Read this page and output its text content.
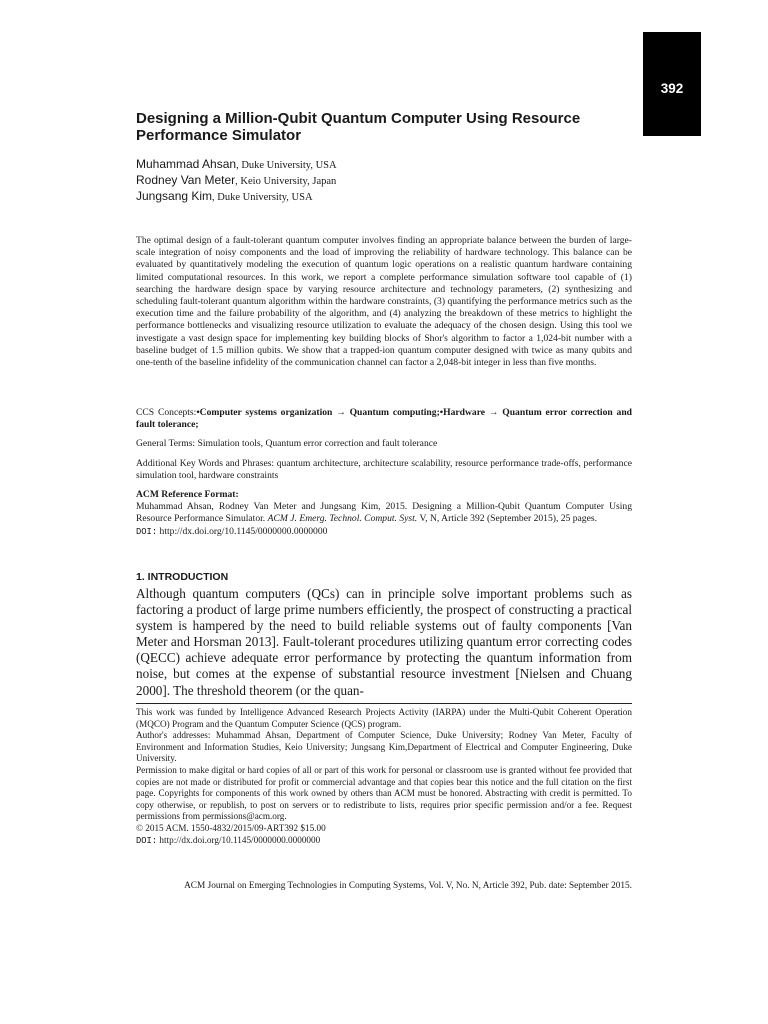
392
Designing a Million-Qubit Quantum Computer Using Resource Performance Simulator
Muhammad Ahsan, Duke University, USA
Rodney Van Meter, Keio University, Japan
Jungsang Kim, Duke University, USA

The optimal design of a fault-tolerant quantum computer involves finding an appropriate balance between the burden of large-scale integration of noisy components and the load of improving the reliability of hardware technology. This balance can be evaluated by quantitatively modeling the execution of quantum logic operations on a realistic quantum hardware containing limited computational resources. In this work, we report a complete performance simulation software tool capable of (1) searching the hardware design space by varying resource architecture and technology parameters, (2) synthesizing and scheduling fault-tolerant quantum algorithm within the hardware constraints, (3) quantifying the performance metrics such as the execution time and the failure probability of the algorithm, and (4) analyzing the breakdown of these metrics to highlight the performance bottlenecks and visualizing resource utilization to evaluate the adequacy of the chosen design. Using this tool we investigate a vast design space for implementing key building blocks of Shor's algorithm to factor a 1,024-bit number with a baseline budget of 1.5 million qubits. We show that a trapped-ion quantum computer designed with twice as many qubits and one-tenth of the baseline infidelity of the communication channel can factor a 2,048-bit integer in less than five months.

CCS Concepts:•Computer systems organization → Quantum computing;•Hardware → Quantum error correction and fault tolerance;

General Terms: Simulation tools, Quantum error correction and fault tolerance

Additional Key Words and Phrases: quantum architecture, architecture scalability, resource performance trade-offs, performance simulation tool, hardware constraints

ACM Reference Format:
Muhammad Ahsan, Rodney Van Meter and Jungsang Kim, 2015. Designing a Million-Qubit Quantum Computer Using Resource Performance Simulator. ACM J. Emerg. Technol. Comput. Syst. V, N, Article 392 (September 2015), 25 pages.
DOI: http://dx.doi.org/10.1145/0000000.0000000
1. INTRODUCTION

Although quantum computers (QCs) can in principle solve important problems such as factoring a product of large prime numbers efficiently, the prospect of constructing a practical system is hampered by the need to build reliable systems out of faulty components [Van Meter and Horsman 2013]. Fault-tolerant procedures utilizing quantum error correcting codes (QECC) achieve adequate error performance by protecting the quantum information from noise, but comes at the expense of substantial resource investment [Nielsen and Chuang 2000]. The threshold theorem (or the quan-

This work was funded by Intelligence Advanced Research Projects Activity (IARPA) under the Multi-Qubit Coherent Operation (MQCO) Program and the Quantum Computer Science (QCS) program.

Author's addresses: Muhammad Ahsan, Department of Computer Science, Duke University; Rodney Van Meter, Faculty of Environment and Information Studies, Keio University; Jungsang Kim,Department of Electrical and Computer Engineering, Duke University.

Permission to make digital or hard copies of all or part of this work for personal or classroom use is granted without fee provided that copies are not made or distributed for profit or commercial advantage and that copies bear this notice and the full citation on the first page. Copyrights for components of this work owned by others than ACM must be honored. Abstracting with credit is permitted. To copy otherwise, or republish, to post on servers or to redistribute to lists, requires prior specific permission and/or a fee. Request permissions from permissions@acm.org.

© 2015 ACM. 1550-4832/2015/09-ART392 $15.00

DOI: http://dx.doi.org/10.1145/0000000.0000000

ACM Journal on Emerging Technologies in Computing Systems, Vol. V, No. N, Article 392, Pub. date: September 2015.
